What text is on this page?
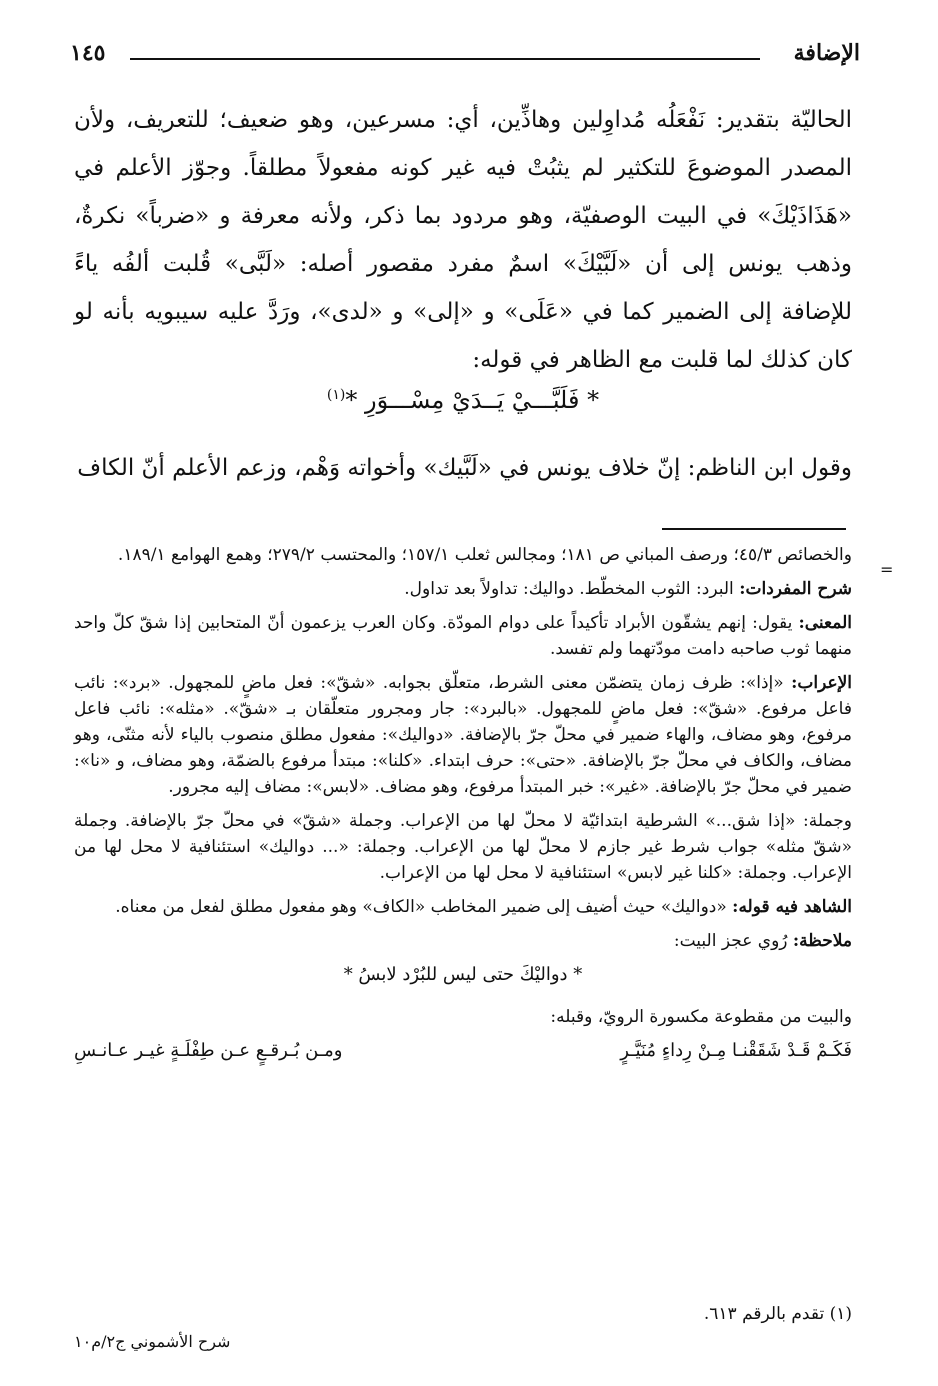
الإضافة
١٤٥

الحاليّة بتقدير: نَفْعَلُه مُداوِلين وهاذِّين، أي: مسرعين، وهو ضعيف؛ للتعريف، ولأن المصدر الموضوعَ للتكثير لم يثبُتْ فيه غير كونه مفعولاً مطلقاً. وجوّز الأعلم في «هَذَاذَيْكَ» في البيت الوصفيّة، وهو مردود بما ذكر، ولأنه معرفة و «ضرباً» نكرةٌ، وذهب يونس إلى أن «لَبَّيْكَ» اسمٌ مفرد مقصور أصله: «لَبَّى» قُلبت ألفُه ياءً للإضافة إلى الضمير كما في «عَلَى» و «إلى» و «لدى»، ورَدَّ عليه سيبويه بأنه لو كان كذلك لما قلبت مع الظاهر في قوله:

* فَلَبَّـــيْ يَــدَيْ مِسْـــوَرِ *$^{(١)}$
وقول ابن الناظم: إنّ خلاف يونس في «لَبَّيك» وأخواته وَهْم، وزعم الأعلم أنّ الكاف
=

والخصائص ٤٥/٣؛ ورصف المباني ص ١٨١؛ ومجالس ثعلب ١٥٧/١؛ والمحتسب ٢٧٩/٢؛ وهمع الهوامع ١٨٩/١.

شرح المفردات: البرد: الثوب المخطّط. دواليك: تداولاً بعد تداول.

المعنى: يقول: إنهم يشقّون الأبراد تأكيداً على دوام المودّة. وكان العرب يزعمون أنّ المتحابين إذا شقّ كلّ واحد منهما ثوب صاحبه دامت مودّتهما ولم تفسد.

الإعراب: «إذا»: ظرف زمان يتضمّن معنى الشرط، متعلّق بجوابه. «شقّ»: فعل ماضٍ للمجهول. «برد»: نائب فاعل مرفوع. «شقّ»: فعل ماضٍ للمجهول. «بالبرد»: جار ومجرور متعلّقان بـ «شقّ». «مثله»: نائب فاعل مرفوع، وهو مضاف، والهاء ضمير في محلّ جرّ بالإضافة. «دواليك»: مفعول مطلق منصوب بالياء لأنه مثنّى، وهو مضاف، والكاف في محلّ جرّ بالإضافة. «حتى»: حرف ابتداء. «كلنا»: مبتدأ مرفوع بالضمّة، وهو مضاف، و «نا»: ضمير في محلّ جرّ بالإضافة. «غير»: خبر المبتدأ مرفوع، وهو مضاف. «لابس»: مضاف إليه مجرور.

وجملة: «إذا شق...» الشرطية ابتدائيّة لا محلّ لها من الإعراب. وجملة «شقّ» في محلّ جرّ بالإضافة. وجملة «شقّ مثله» جواب شرط غير جازم لا محلّ لها من الإعراب. وجملة: «... دواليك» استئنافية لا محل لها من الإعراب. وجملة: «كلنا غير لابس» استئنافية لا محل لها من الإعراب.

الشاهد فيه قوله: «دواليك» حيث أضيف إلى ضمير المخاطب «الكاف» وهو مفعول مطلق لفعل من معناه.

ملاحظة: رُوي عجز البيت:

* دواليْكَ حتى ليس للبُرْد لابسُ *

والبيت من مقطوعة مكسورة الرويّ، وقبله:

فَكَـمْ قَـدْ شَقَقْنـا مِـنْ رِداءٍ مُنَيَّـرٍ
ومـن بُـرقـعٍ عـن طِفْلَـةٍ غيـر عـانـسِ
(١) تقدم بالرقم ٦١٣.
شرح الأشموني ج٢/م١٠
